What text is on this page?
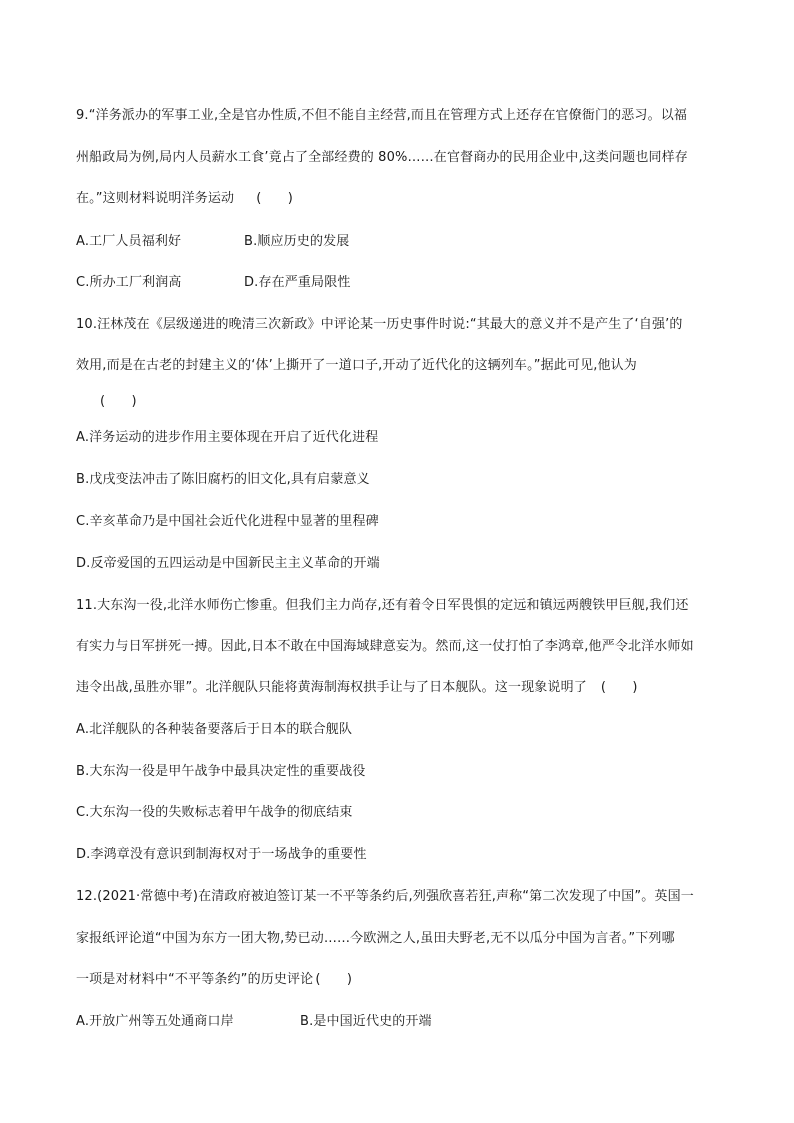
9.“洋务派办的军事工业,全是官办性质,不但不能自主经营,而且在管理方式上还存在官僚衙门的恶习。以福
州船政局为例,局内人员薪水工食’竟占了全部经费的 80%……在官督商办的民用企业中,这类问题也同样存
在。”这则材料说明洋务运动 (　　)
A.工厂人员福利好	B.顺应历史的发展
C.所办工厂利润高	D.存在严重局限性
10.汪林茂在《层级递进的晚清三次新政》中评论某一历史事件时说:“其最大的意义并不是产生了‘自强’的
效用,而是在古老的封建主义的‘体’上撕开了一道口子,开动了近代化的这辆列车。”据此可见,他认为
(　　)
A.洋务运动的进步作用主要体现在开启了近代化进程
B.戊戌变法冲击了陈旧腐朽的旧文化,具有启蒙意义
C.辛亥革命乃是中国社会近代化进程中显著的里程碑
D.反帝爱国的五四运动是中国新民主主义革命的开端
11.大东沟一役,北洋水师伤亡惨重。但我们主力尚存,还有着令日军畏惧的定远和镇远两艘铁甲巨舰,我们还
有实力与日军拼死一搏。因此,日本不敢在中国海域肆意妄为。然而,这一仗打怕了李鸿章,他严令北洋水师如
违令出战,虽胜亦罪”。北洋舰队只能将黄海制海权拱手让与了日本舰队。这一现象说明了 (　　)
A.北洋舰队的各种装备要落后于日本的联合舰队
B.大东沟一役是甲午战争中最具决定性的重要战役
C.大东沟一役的失败标志着甲午战争的彻底结束
D.李鸿章没有意识到制海权对于一场战争的重要性
12.(2021·常德中考)在清政府被迫签订某一不平等条约后,列强欣喜若狂,声称“第二次发现了中国”。英国一
家报纸评论道“中国为东方一团大物,势已动……今欧洲之人,虽田夫野老,无不以瓜分中国为言者。”下列哪
一项是对材料中“不平等条约”的历史评论 (　　)
A.开放广州等五处通商口岸	B.是中国近代史的开端
